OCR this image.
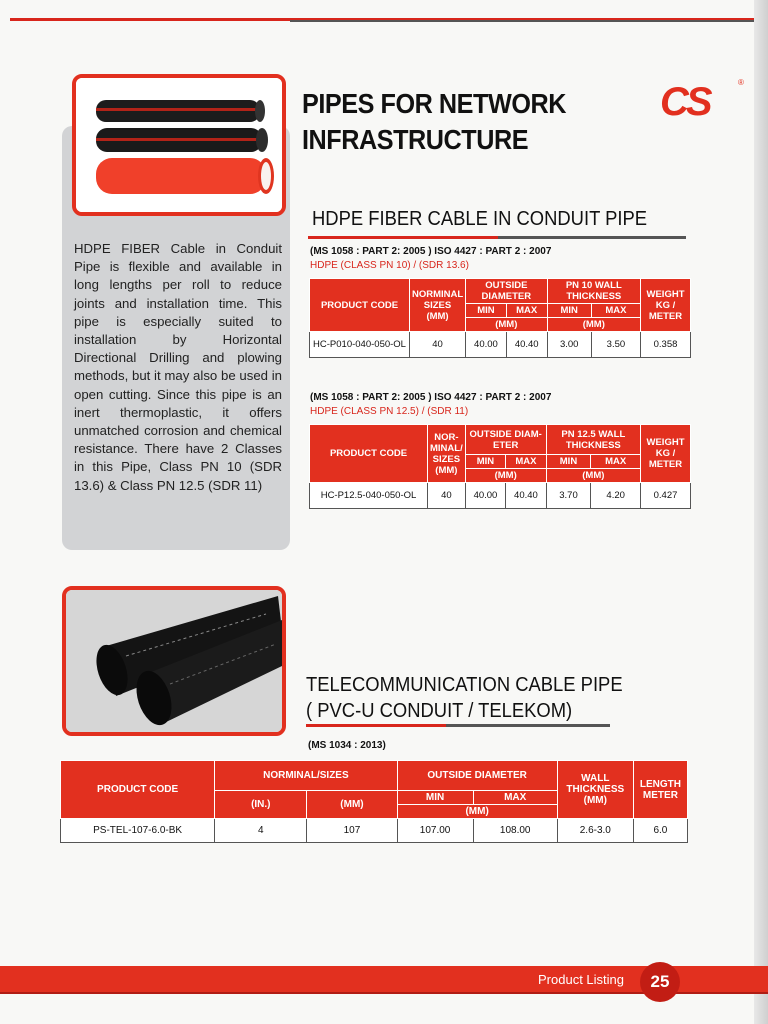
PIPES FOR NETWORK
INFRASTRUCTURE
CS	®
HDPE FIBER CABLE IN CONDUIT PIPE
HDPE FIBER Cable in Conduit Pipe is flexible and available in long lengths per roll to reduce joints and installation time. This pipe is especially suited to installation by Horizontal Directional Drilling and plowing methods, but it may also be used in open cutting. Since this pipe is an inert thermoplastic, it offers unmatched corrosion and chemical resistance. There have 2 Classes in this Pipe, Class PN 10 (SDR 13.6) & Class PN 12.5 (SDR 11)
(MS 1058 : PART 2: 2005 ) ISO 4427 : PART 2 : 2007
HDPE (CLASS PN 10) / (SDR 13.6)
PRODUCT CODE	NORMINAL SIZES (MM)	OUTSIDE DIAMETER		PN 10 WALL THICKNESS		WEIGHT KG / METER
		MIN	MAX	MIN	MAX	
		(MM)		(MM)		
HC-P010-040-050-OL	40	40.00	40.40	3.00	3.50	0.358
(MS 1058 : PART 2: 2005 ) ISO 4427 : PART 2 : 2007
HDPE (CLASS PN 12.5) / (SDR 11)
PRODUCT CODE	NOR-MINAL/ SIZES (MM)	OUTSIDE DIAM-ETER		PN 12.5 WALL THICKNESS		WEIGHT KG / METER
		MIN	MAX	MIN	MAX	
		(MM)		(MM)		
HC-P12.5-040-050-OL	40	40.00	40.40	3.70	4.20	0.427
TELECOMMUNICATION CABLE PIPE
( PVC-U CONDUIT / TELEKOM)
(MS 1034 : 2013)
PRODUCT CODE	NORMINAL/SIZES		OUTSIDE DIAMETER		WALL THICKNESS (MM)	LENGTH METER
	(IN.)	(MM)	MIN	MAX		
			(MM)			
PS-TEL-107-6.0-BK	4	107	107.00	108.00	2.6-3.0	6.0
Product Listing	25
